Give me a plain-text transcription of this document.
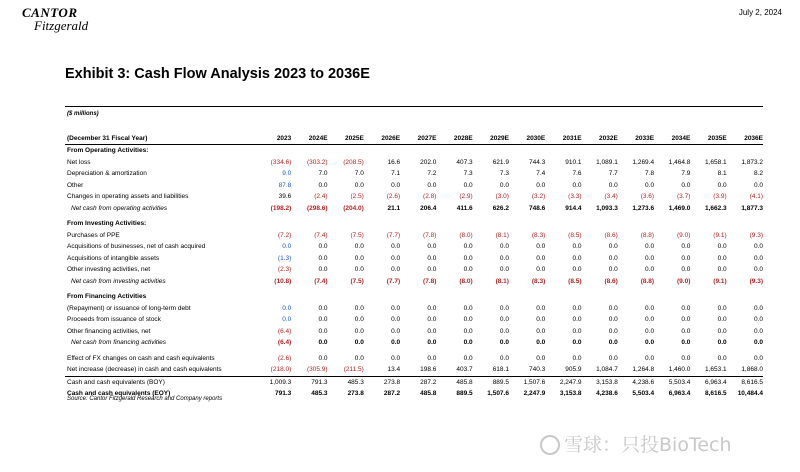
CANTOR
Fitzgerald
July 2, 2024
Exhibit 3: Cash Flow Analysis 2023 to 2036E
($ millions)
(December 31 Fiscal Year)	2023	2024E	2025E	2026E	2027E	2028E	2029E	2030E	2031E	2032E	2033E	2034E	2035E	2036E
From Operating Activities:														
Net loss	(334.6)	(303.2)	(208.5)	16.6	202.0	407.3	621.9	744.3	910.1	1,089.1	1,269.4	1,464.8	1,658.1	1,873.2
Depreciation & amortization	9.0	7.0	7.0	7.1	7.2	7.3	7.3	7.4	7.6	7.7	7.8	7.9	8.1	8.2
Other	87.8	0.0	0.0	0.0	0.0	0.0	0.0	0.0	0.0	0.0	0.0	0.0	0.0	0.0
Changes in operating assets and liabilities	39.6	(2.4)	(2.5)	(2.6)	(2.8)	(2.9)	(3.0)	(3.2)	(3.3)	(3.4)	(3.6)	(3.7)	(3.9)	(4.1)
Net cash from operating activities	(198.2)	(298.6)	(204.0)	21.1	206.4	411.6	626.2	748.6	914.4	1,093.3	1,273.6	1,469.0	1,662.3	1,877.3

From Investing Activities:														
Purchases of PPE	(7.2)	(7.4)	(7.5)	(7.7)	(7.8)	(8.0)	(8.1)	(8.3)	(8.5)	(8.6)	(8.8)	(9.0)	(9.1)	(9.3)
Acquisitions of businesses, net of cash acquired	0.0	0.0	0.0	0.0	0.0	0.0	0.0	0.0	0.0	0.0	0.0	0.0	0.0	0.0
Acquisitions of intangible assets	(1.3)	0.0	0.0	0.0	0.0	0.0	0.0	0.0	0.0	0.0	0.0	0.0	0.0	0.0
Other investing activities, net	(2.3)	0.0	0.0	0.0	0.0	0.0	0.0	0.0	0.0	0.0	0.0	0.0	0.0	0.0
Net cash from investing activities	(10.8)	(7.4)	(7.5)	(7.7)	(7.8)	(8.0)	(8.1)	(8.3)	(8.5)	(8.6)	(8.8)	(9.0)	(9.1)	(9.3)

From Financing Activities														
(Repayment) or issuance of long-term debt	0.0	0.0	0.0	0.0	0.0	0.0	0.0	0.0	0.0	0.0	0.0	0.0	0.0	0.0
Proceeds from issuance of stock	0.0	0.0	0.0	0.0	0.0	0.0	0.0	0.0	0.0	0.0	0.0	0.0	0.0	0.0
Other financing activities, net	(6.4)	0.0	0.0	0.0	0.0	0.0	0.0	0.0	0.0	0.0	0.0	0.0	0.0	0.0
Net cash from financing activities	(6.4)	0.0	0.0	0.0	0.0	0.0	0.0	0.0	0.0	0.0	0.0	0.0	0.0	0.0

Effect of FX changes on cash and cash equivalents	(2.6)	0.0	0.0	0.0	0.0	0.0	0.0	0.0	0.0	0.0	0.0	0.0	0.0	0.0
Net increase (decrease) in cash and cash equivalents	(218.0)	(305.9)	(211.5)	13.4	198.6	403.7	618.1	740.3	905.9	1,084.7	1,264.8	1,460.0	1,653.1	1,868.0
Cash and cash equivalents (BOY)	1,009.3	791.3	485.3	273.8	287.2	485.8	889.5	1,507.6	2,247.9	3,153.8	4,238.6	5,503.4	6,963.4	8,616.5
Cash and cash equivalents (EOY)	791.3	485.3	273.8	287.2	485.8	889.5	1,507.6	2,247.9	3,153.8	4,238.6	5,503.4	6,963.4	8,616.5	10,484.4
Source: Cantor Fitzgerald Research and Company reports
雪球：只投BioTech
